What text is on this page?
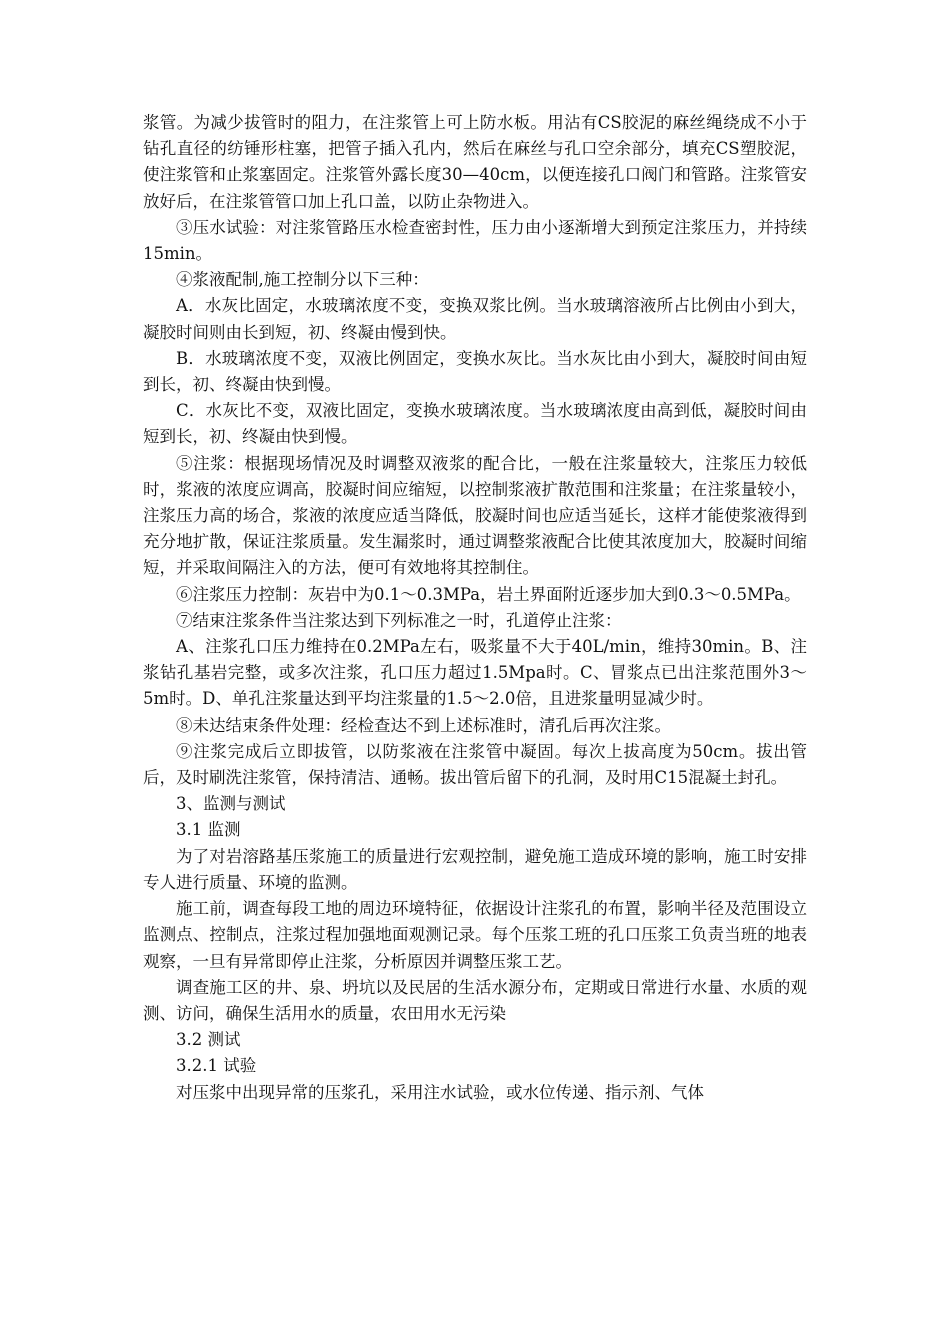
浆管。为减少拔管时的阻力，在注浆管上可上防水板。用沾有CS胶泥的麻丝绳绕成不小于钻孔直径的纺锤形柱塞，把管子插入孔内，然后在麻丝与孔口空余部分，填充CS塑胶泥，使注浆管和止浆塞固定。注浆管外露长度30—40cm，以便连接孔口阀门和管路。注浆管安放好后，在注浆管管口加上孔口盖，以防止杂物进入。

③压水试验：对注浆管路压水检查密封性，压力由小逐渐增大到预定注浆压力，并持续15min。

④浆液配制,施工控制分以下三种：

A．水灰比固定，水玻璃浓度不变，变换双浆比例。当水玻璃溶液所占比例由小到大，凝胶时间则由长到短，初、终凝由慢到快。

B．水玻璃浓度不变，双液比例固定，变换水灰比。当水灰比由小到大，凝胶时间由短到长，初、终凝由快到慢。

C．水灰比不变，双液比固定，变换水玻璃浓度。当水玻璃浓度由高到低，凝胶时间由短到长，初、终凝由快到慢。

⑤注浆：根据现场情况及时调整双液浆的配合比，一般在注浆量较大，注浆压力较低时，浆液的浓度应调高，胶凝时间应缩短，以控制浆液扩散范围和注浆量；在注浆量较小，注浆压力高的场合，浆液的浓度应适当降低，胶凝时间也应适当延长，这样才能使浆液得到充分地扩散，保证注浆质量。发生漏浆时，通过调整浆液配合比使其浓度加大，胶凝时间缩短，并采取间隔注入的方法，便可有效地将其控制住。

⑥注浆压力控制：灰岩中为0.1～0.3MPa，岩土界面附近逐步加大到0.3～0.5MPa。

⑦结束注浆条件当注浆达到下列标准之一时，孔道停止注浆：

A、注浆孔口压力维持在0.2MPa左右，吸浆量不大于40L/min，维持30min。B、注浆钻孔基岩完整，或多次注浆，孔口压力超过1.5Mpa时。C、冒浆点已出注浆范围外3～5m时。D、单孔注浆量达到平均注浆量的1.5～2.0倍，且进浆量明显减少时。

⑧未达结束条件处理：经检查达不到上述标准时，清孔后再次注浆。

⑨注浆完成后立即拔管，以防浆液在注浆管中凝固。每次上拔高度为50cm。拔出管后，及时刷洗注浆管，保持清洁、通畅。拔出管后留下的孔洞，及时用C15混凝土封孔。

3、监测与测试

3.1 监测

为了对岩溶路基压浆施工的质量进行宏观控制，避免施工造成环境的影响，施工时安排专人进行质量、环境的监测。

施工前，调查每段工地的周边环境特征，依据设计注浆孔的布置，影响半径及范围设立监测点、控制点，注浆过程加强地面观测记录。每个压浆工班的孔口压浆工负责当班的地表观察，一旦有异常即停止注浆，分析原因并调整压浆工艺。

调查施工区的井、泉、坍坑以及民居的生活水源分布，定期或日常进行水量、水质的观测、访问，确保生活用水的质量，农田用水无污染

3.2 测试

3.2.1 试验

对压浆中出现异常的压浆孔，采用注水试验，或水位传递、指示剂、气体
